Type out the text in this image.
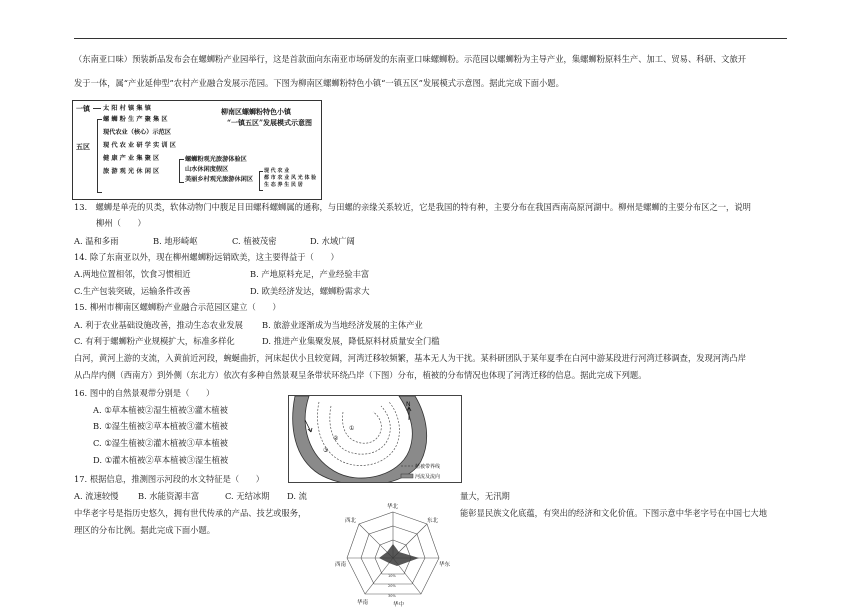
（东南亚口味）预装新品发布会在螺蛳粉产业园举行，这是首款面向东南亚市场研发的东南亚口味螺蛳粉。示范园以螺蛳粉为主导产业，集螺蛳粉原料生产、加工、贸易、科研、文旅开
发于一体，属“产业延伸型”农村产业融合发展示范园。下图为柳南区螺蛳粉特色小镇“一镇五区”发展模式示意图。据此完成下面小题。
柳南区螺蛳粉特色小镇
“一镇五区”发展模式示意图
一镇 太 阳 村 镇 集 镇
五区
螺 蛳 粉 生 产 聚 集 区
现代农业（核心）示范区
现 代 农 业 研 学 实 训 区
健 康 产 业 集 聚 区
旅 游 观 光 休 闲 区
螺蛳粉观光旅游体验区
山水休闲度假区
美丽乡村观光旅游休闲区
现 代 农 业
都 市 农 业 风 光 体 验
生 态 养 生 民 居
13.　螺蛳是单壳的贝类，软体动物门中腹足目田螺科螺蛳属的通称，与田螺的亲缘关系较近，它是我国的特有种，主要分布在我国西南高原河湖中。柳州是螺蛳的主要分布区之一，说明
柳州（　　）
A. 温和多雨	B. 地形崎岖	C. 植被茂密	D. 水域广阔
14. 除了东南亚以外，现在柳州螺蛳粉远销欧美，这主要得益于（　　）
A.两地位置相邻，饮食习惯相近	B. 产地原料充足，产业经验丰富
C.生产包装突破，运输条件改善	D. 欧美经济发达，螺蛳粉需求大
15. 柳州市柳南区螺蛳粉产业融合示范园区建立（　　）
A. 利于农业基础设施改善，推动生态农业发展 B. 旅游业逐渐成为当地经济发展的主体产业
C. 有利于螺蛳粉产业规模扩大，标准多样化	D. 推进产业集聚发展，降低原料材质量安全门槛
白河，黄河上游的支流，入黄前近河段，蜿蜒曲折，河床起伏小且较宽阔，河湾迁移较频繁，基本无人为干扰。某科研团队于某年夏季在白河中游某段进行河湾迁移调查，发现河湾凸岸
从凸岸内侧（西南方）到外侧（东北方）依次有多种自然景观呈条带状环绕凸岸（下图）分布，植被的分布情况也体现了河湾迁移的信息。据此完成下列题。
16. 图中的自然景观带分别是（　　）
A. ①草本植被②湿生植被③灌木植被
B. ①湿生植被②草本植被③灌木植被
C. ①湿生植被②灌木植被③草本植被
D. ①灌木植被②草本植被③湿生植被
①
②
③
N
白河
植被带界线
河流及流向
17. 根据信息，推测图示河段的水文特征是（　　）
A. 流速较慢 B. 水能资源丰富	C. 无结冰期 D. 流	量大，无汛期
中华老字号是指历史悠久，拥有世代传承的产品、技艺或服务，	能彰显民族文化底蕴，有突出的经济和文化价值。下图示意中华老字号在中国七大地
理区的分布比例。据此完成下面小题。
华北
东北
华东
华中
华南
西南
西北
10%
20%
30%
